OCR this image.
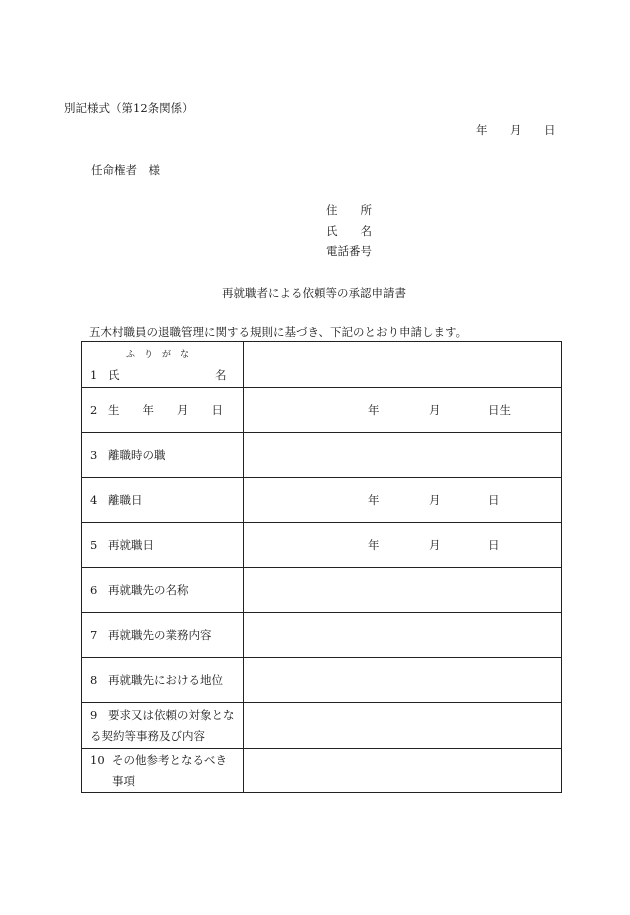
別記様式（第12条関係）
年 月 日
任命権者　様
住　　所
氏　　名
電話番号
再就職者による依頼等の承認申請書
五木村職員の退職管理に関する規則に基づき、下記のとおり申請します。
ふ　り　が　な
1 氏 名	

2 生　　年　　月　　日	年 月 日生

3 離職時の職	

4 離職日	年 月 日

5 再就職日	年 月 日

6 再就職先の名称	

7 再就職先の業務内容	

8 再就職先における地位	

9 要求又は依頼の対象とな
る契約等事務及び内容	

10 その他参考となるべき
事項	
